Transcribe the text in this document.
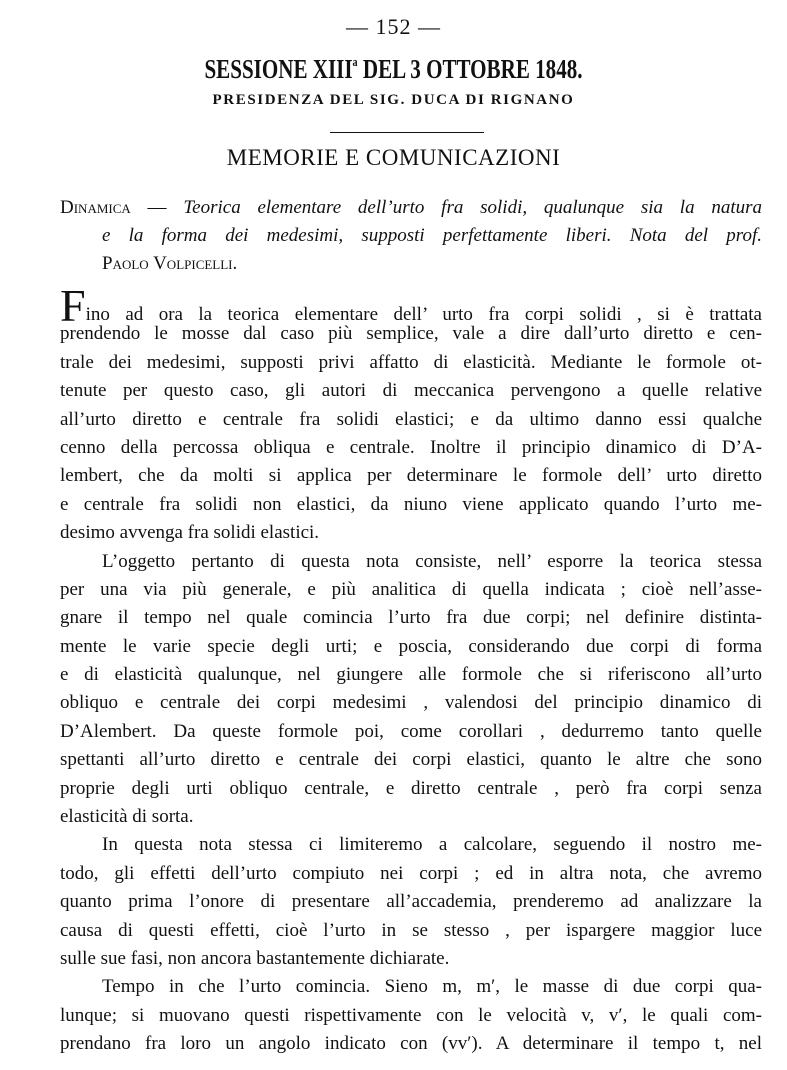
— 152 —
SESSIONE XIII$^a$ DEL 3 OTTOBRE 1848.
PRESIDENZA DEL SIG. DUCA DI RIGNANO
MEMORIE E COMUNICAZIONI
Dinamica — Teorica elementare dell’urto fra solidi, qualunque sia la natura
e la forma dei medesimi, supposti perfettamente liberi. Nota del prof.
Paolo Volpicelli.
Fino ad ora la teorica elementare dell’ urto fra corpi solidi , si è trattata
prendendo le mosse dal caso più semplice, vale a dire dall’urto diretto e cen-
trale dei medesimi, supposti privi affatto di elasticità. Mediante le formole ot-
tenute per questo caso, gli autori di meccanica pervengono a quelle relative
all’urto diretto e centrale fra solidi elastici; e da ultimo danno essi qualche
cenno della percossa obliqua e centrale. Inoltre il principio dinamico di D’A-
lembert, che da molti si applica per determinare le formole dell’ urto diretto
e centrale fra solidi non elastici, da niuno viene applicato quando l’urto me-
desimo avvenga fra solidi elastici.
L’oggetto pertanto di questa nota consiste, nell’ esporre la teorica stessa
per una via più generale, e più analitica di quella indicata ; cioè nell’asse-
gnare il tempo nel quale comincia l’urto fra due corpi; nel definire distinta-
mente le varie specie degli urti; e poscia, considerando due corpi di forma
e di elasticità qualunque, nel giungere alle formole che si riferiscono all’urto
obliquo e centrale dei corpi medesimi , valendosi del principio dinamico di
D’Alembert. Da queste formole poi, come corollari , dedurremo tanto quelle
spettanti all’urto diretto e centrale dei corpi elastici, quanto le altre che sono
proprie degli urti obliquo centrale, e diretto centrale , però fra corpi senza
elasticità di sorta.
In questa nota stessa ci limiteremo a calcolare, seguendo il nostro me-
todo, gli effetti dell’urto compiuto nei corpi ; ed in altra nota, che avremo
quanto prima l’onore di presentare all’accademia, prenderemo ad analizzare la
causa di questi effetti, cioè l’urto in se stesso , per ispargere maggior luce
sulle sue fasi, non ancora bastantemente dichiarate.
Tempo in che l’urto comincia. Sieno m, m′, le masse di due corpi qua-
lunque; si muovano questi rispettivamente con le velocità v, v′, le quali com-
prendano fra loro un angolo indicato con (vv′). A determinare il tempo t, nel
